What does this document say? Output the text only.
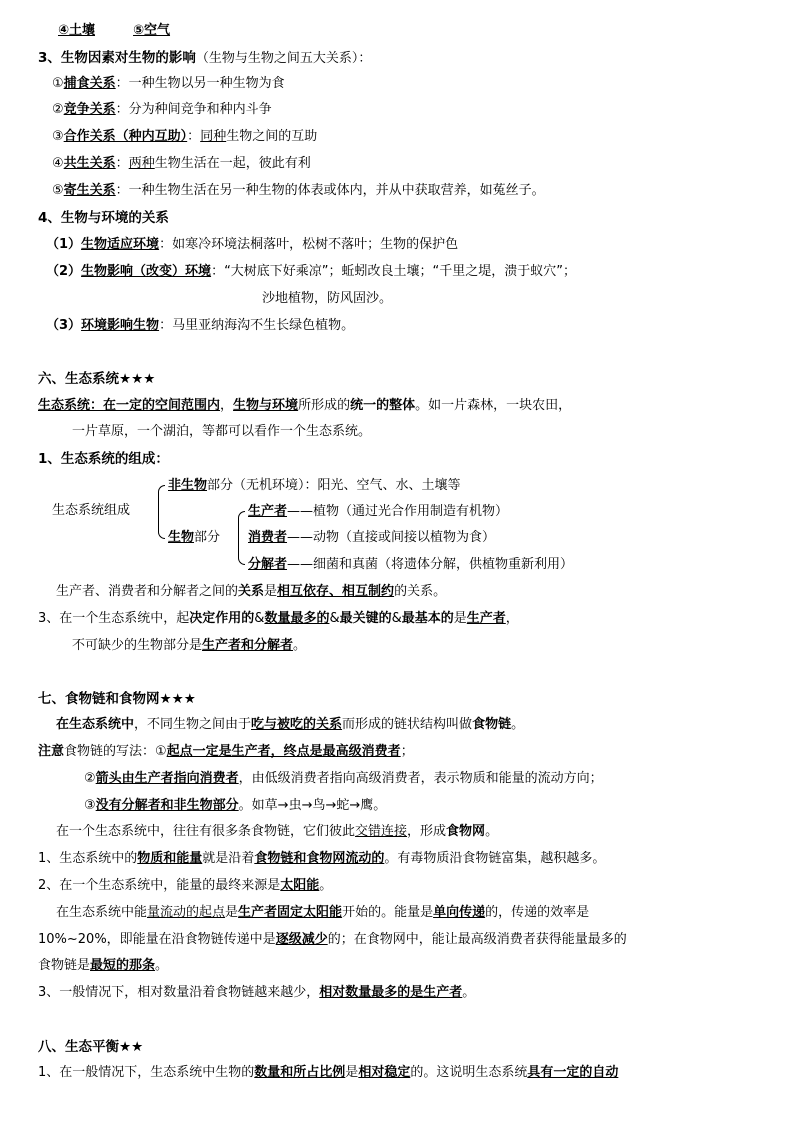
④土壤	⑤空气
3、生物因素对生物的影响（生物与生物之间五大关系）：
①捕食关系：一种生物以另一种生物为食
②竞争关系：分为种间竞争和种内斗争
③合作关系（种内互助）：同种生物之间的互助
④共生关系：两种生物生活在一起，彼此有利
⑤寄生关系：一种生物生活在另一种生物的体表或体内，并从中获取营养，如菟丝子。
4、生物与环境的关系
（1）生物适应环境：如寒冷环境法桐落叶，松树不落叶；生物的保护色
（2）生物影响（改变）环境：“大树底下好乘凉”；蚯蚓改良土壤；“千里之堤，溃于蚁穴”；
沙地植物，防风固沙。
（3）环境影响生物：马里亚纳海沟不生长绿色植物。
六、生态系统★★★
生态系统：在一定的空间范围内，生物与环境所形成的统一的整体。如一片森林，一块农田，
一片草原，一个湖泊，等都可以看作一个生态系统。
1、生态系统的组成：
生态系统组成
非生物部分（无机环境）：阳光、空气、水、土壤等
生物部分
生产者——植物（通过光合作用制造有机物）
消费者——动物（直接或间接以植物为食）
分解者——细菌和真菌（将遗体分解，供植物重新利用）
生产者、消费者和分解者之间的关系是相互依存、相互制约的关系。
3、在一个生态系统中，起决定作用的&数量最多的&最关键的&最基本的是生产者，
不可缺少的生物部分是生产者和分解者。
七、食物链和食物网★★★
在生态系统中，不同生物之间由于吃与被吃的关系而形成的链状结构叫做食物链。
注意食物链的写法：①起点一定是生产者，终点是最高级消费者；
②箭头由生产者指向消费者，由低级消费者指向高级消费者，表示物质和能量的流动方向；
③没有分解者和非生物部分。如草→虫→鸟→蛇→鹰。
在一个生态系统中，往往有很多条食物链，它们彼此交错连接，形成食物网。
1、生态系统中的物质和能量就是沿着食物链和食物网流动的。有毒物质沿食物链富集，越积越多。
2、在一个生态系统中，能量的最终来源是太阳能。
在生态系统中能量流动的起点是生产者固定太阳能开始的。能量是单向传递的，传递的效率是
10%~20%，即能量在沿食物链传递中是逐级减少的；在食物网中，能让最高级消费者获得能量最多的
食物链是最短的那条。
3、一般情况下，相对数量沿着食物链越来越少，相对数量最多的是生产者。
八、生态平衡★★
1、在一般情况下，生态系统中生物的数量和所占比例是相对稳定的。这说明生态系统具有一定的自动
